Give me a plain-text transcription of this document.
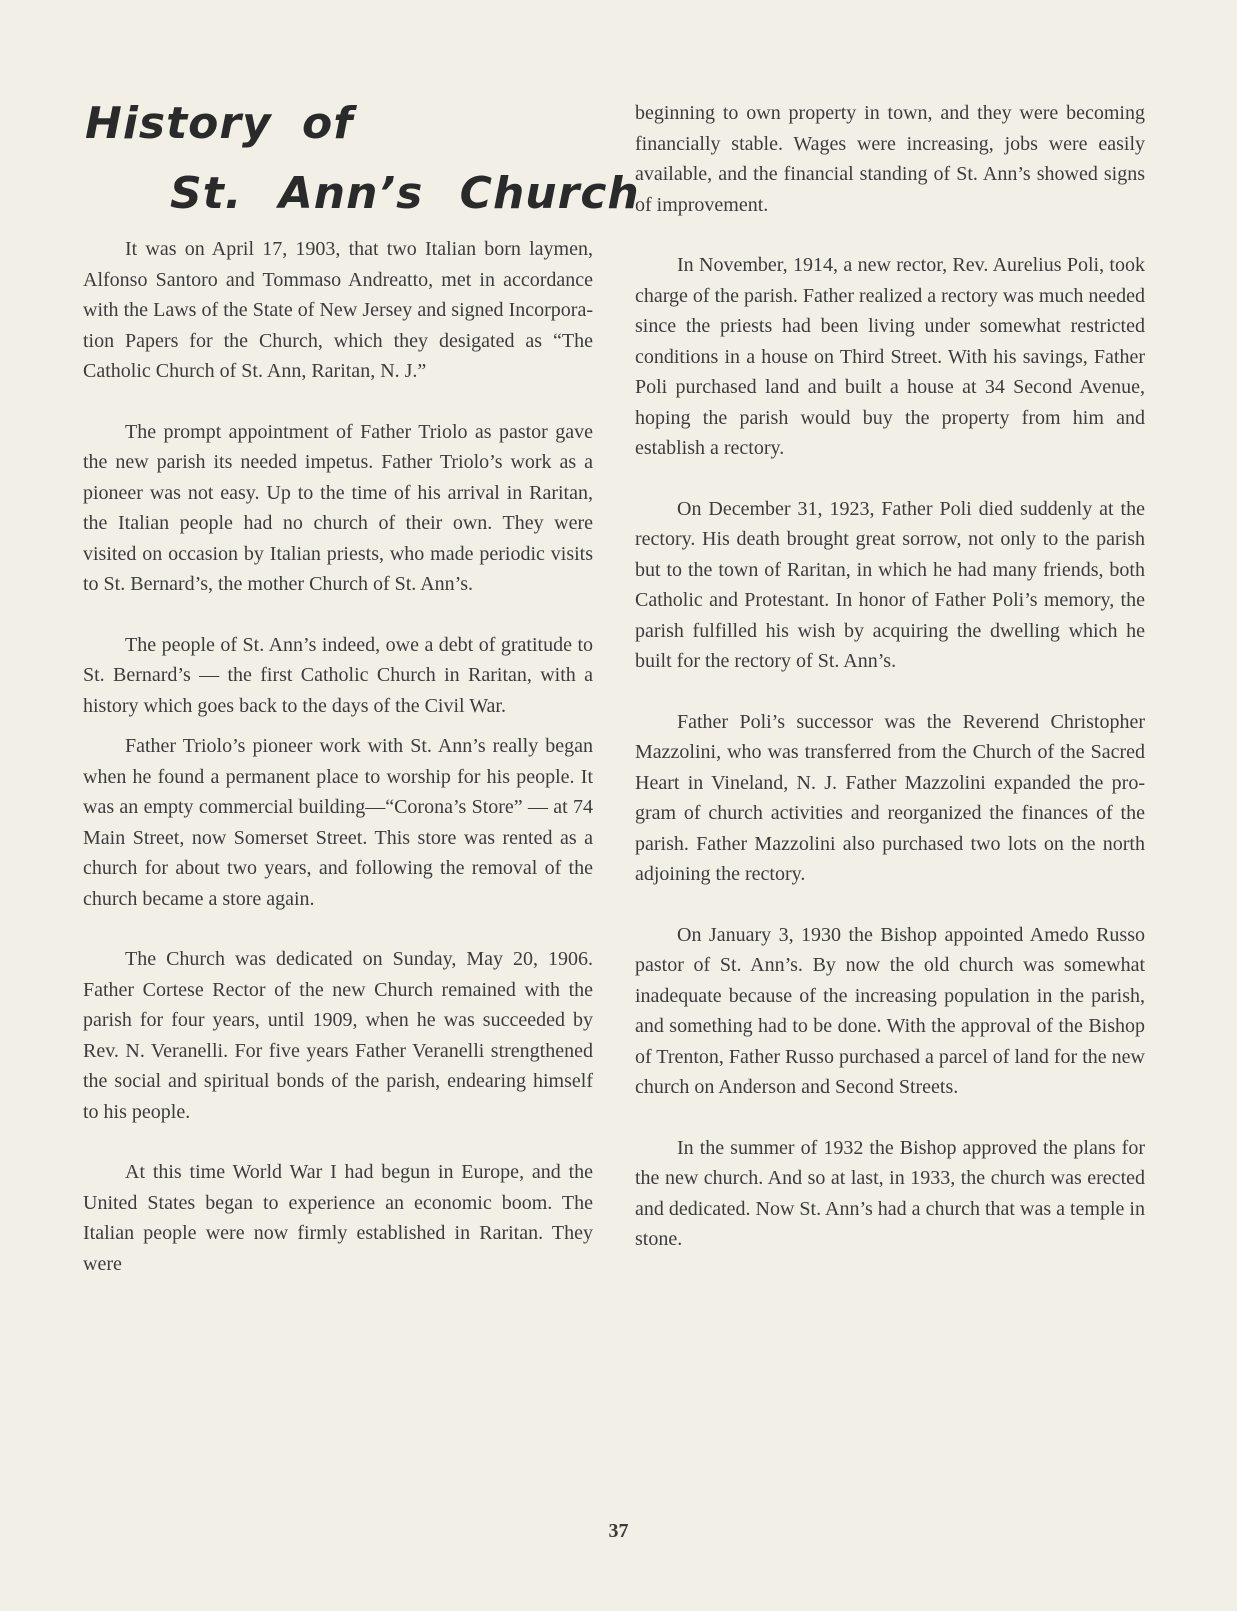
History of
St. Ann’s Church

It was on April 17, 1903, that two Italian born laymen, Alfonso Santoro and Tommaso Andreatto, met in accordance with the Laws of the State of New Jersey and signed Incorporation Papers for the Church, which they desigated as “The Catholic Church of St. Ann, Raritan, N. J.”

The prompt appointment of Father Triolo as pastor gave the new parish its needed impetus. Father Triolo’s work as a pioneer was not easy. Up to the time of his arrival in Raritan, the Italian people had no church of their own. They were visited on occasion by Italian priests, who made periodic visits to St. Bernard’s, the mother Church of St. Ann’s.

The people of St. Ann’s indeed, owe a debt of gratitude to St. Bernard’s — the first Catholic Church in Raritan, with a history which goes back to the days of the Civil War.

Father Triolo’s pioneer work with St. Ann’s really began when he found a permanent place to worship for his people. It was an empty commercial building—“Corona’s Store” — at 74 Main Street, now Somerset Street. This store was rented as a church for about two years, and following the removal of the church became a store again.

The Church was dedicated on Sunday, May 20, 1906. Father Cortese Rector of the new Church remained with the parish for four years, until 1909, when he was succeeded by Rev. N. Veranelli. For five years Father Veranelli strengthened the social and spiritual bonds of the parish, endearing himself to his people.

At this time World War I had begun in Europe, and the United States began to experience an economic boom. The Italian people were now firmly established in Raritan. They were

beginning to own property in town, and they were becoming financially stable. Wages were increasing, jobs were easily available, and the financial standing of St. Ann’s showed signs of improvement.

In November, 1914, a new rector, Rev. Aurelius Poli, took charge of the parish. Father realized a rectory was much needed since the priests had been living under somewhat restricted conditions in a house on Third Street. With his savings, Father Poli purchased land and built a house at 34 Second Avenue, hoping the parish would buy the property from him and establish a rectory.

On December 31, 1923, Father Poli died suddenly at the rectory. His death brought great sorrow, not only to the parish but to the town of Raritan, in which he had many friends, both Catholic and Protestant. In honor of Father Poli’s memory, the parish fulfilled his wish by acquiring the dwelling which he built for the rectory of St. Ann’s.

Father Poli’s successor was the Reverend Christopher Mazzolini, who was transferred from the Church of the Sacred Heart in Vineland, N. J. Father Mazzolini expanded the program of church activities and reorganized the finances of the parish. Father Mazzolini also purchased two lots on the north adjoining the rectory.

On January 3, 1930 the Bishop appointed Amedo Russo pastor of St. Ann’s. By now the old church was somewhat inadequate because of the increasing population in the parish, and something had to be done. With the approval of the Bishop of Trenton, Father Russo purchased a parcel of land for the new church on Anderson and Second Streets.

In the summer of 1932 the Bishop approved the plans for the new church. And so at last, in 1933, the church was erected and dedicated. Now St. Ann’s had a church that was a temple in stone.

37
